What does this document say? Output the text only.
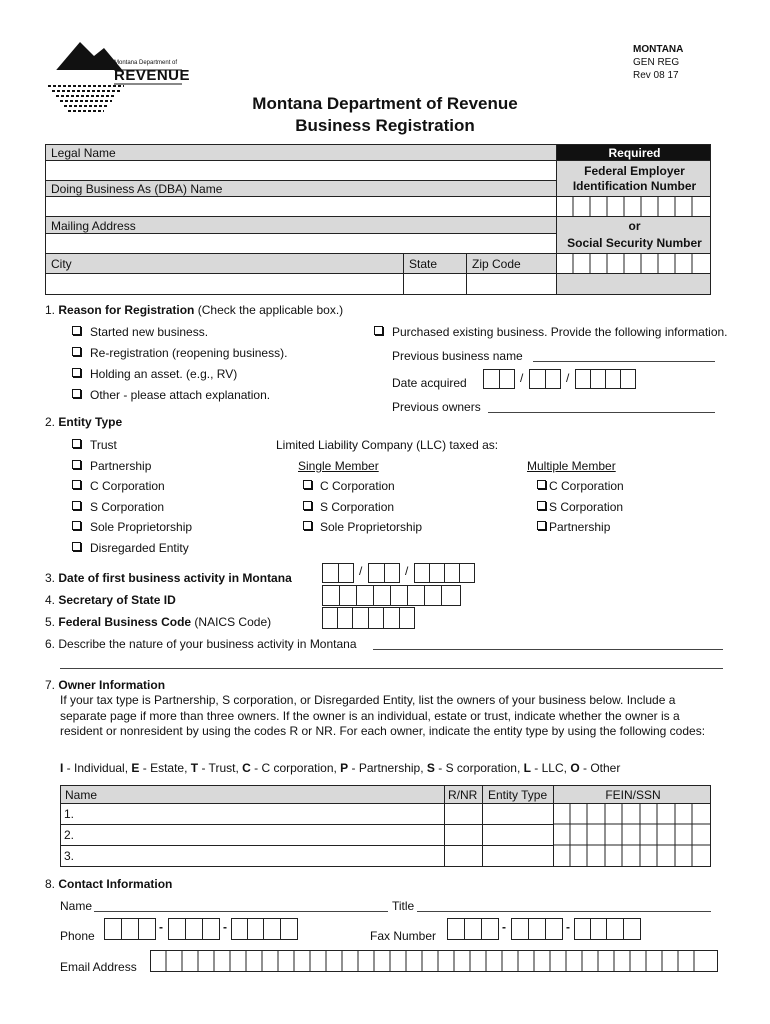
Montana Department of
REVENUE
MONTANA
GEN REG
Rev 08 17
Montana Department of Revenue
Business Registration
Legal Name
Doing Business As (DBA) Name
Mailing Address
City	State	Zip Code
Required
Federal Employer Identification Number
or
Social Security Number
1. Reason for Registration (Check the applicable box.)
Started new business.
Re-registration (reopening business).
Holding an asset. (e.g., RV)
Other - please attach explanation.
Purchased existing business. Provide the following information.
Previous business name
Date acquired	/	/
Previous owners
2. Entity Type
Trust
Partnership
C Corporation
S Corporation
Sole Proprietorship
Disregarded Entity
Limited Liability Company (LLC) taxed as:
Single Member	Multiple Member
C Corporation
S Corporation
Sole Proprietorship
C Corporation
S Corporation
Partnership
3. Date of first business activity in Montana	/	/
4. Secretary of State ID
5. Federal Business Code (NAICS Code)
6. Describe the nature of your business activity in Montana
7. Owner Information
If your tax type is Partnership, S corporation, or Disregarded Entity, list the owners of your business below. Include a separate page if more than three owners. If the owner is an individual, estate or trust, indicate whether the owner is a resident or nonresident by using the codes R or NR. For each owner, indicate the entity type by using the following codes:
I - Individual, E - Estate, T - Trust, C - C corporation, P - Partnership, S - S corporation, L - LLC, O - Other
Name	R/NR Entity Type	FEIN/SSN
1.
2.
3.
8. Contact Information
Name	Title
Phone
-	-
Fax Number
-	-
Email Address
